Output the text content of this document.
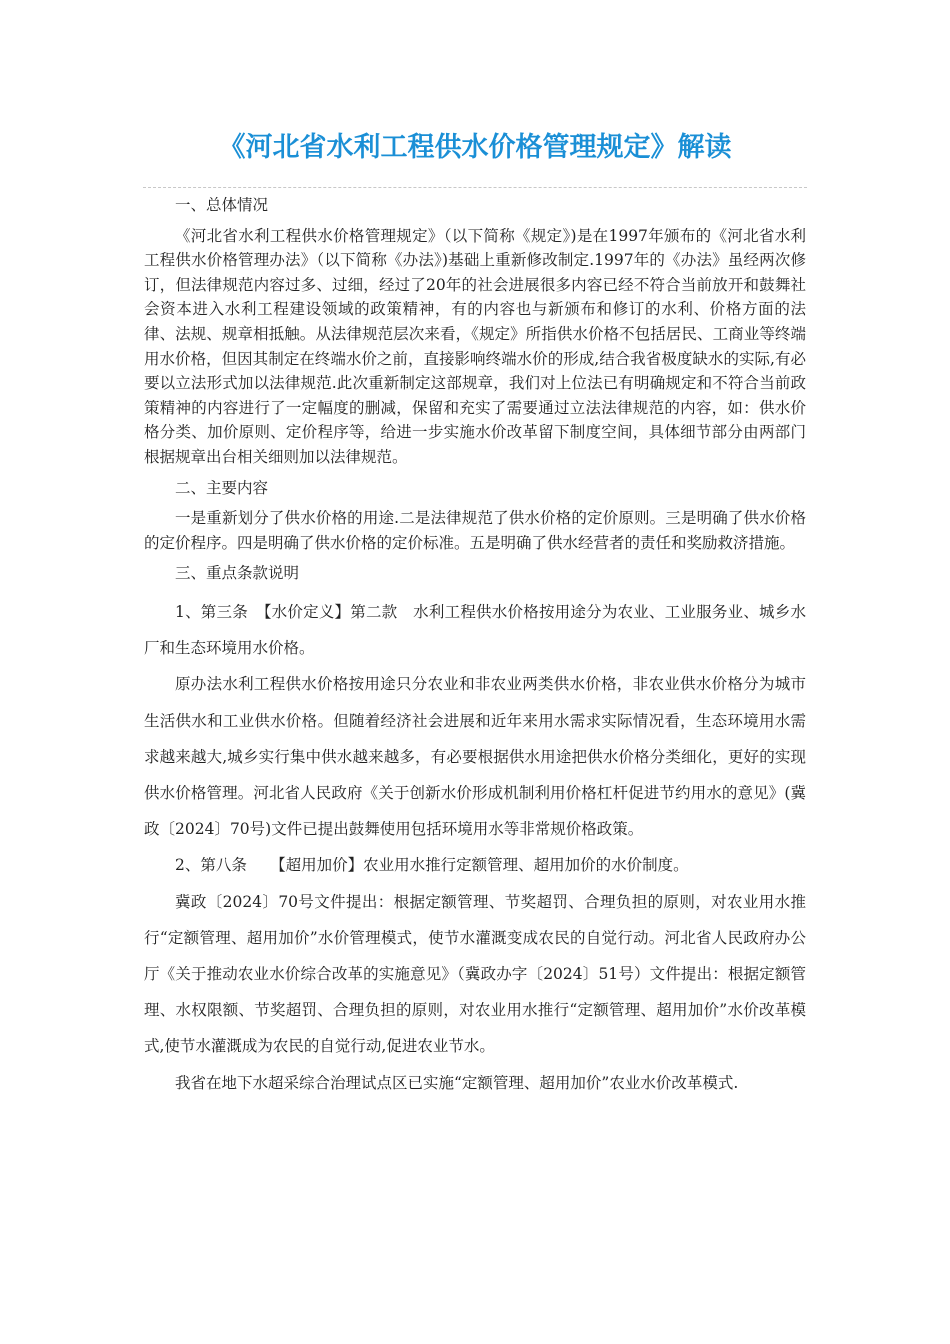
《河北省水利工程供水价格管理规定》解读

一、总体情况

《河北省水利工程供水价格管理规定》（以下简称《规定》)是在1997年颁布的《河北省水利工程供水价格管理办法》（以下简称《办法》)基础上重新修改制定.1997年的《办法》虽经两次修订，但法律规范内容过多、过细，经过了20年的社会进展很多内容已经不符合当前放开和鼓舞社会资本进入水利工程建设领域的政策精神，有的内容也与新颁布和修订的水利、价格方面的法律、法规、规章相抵触。从法律规范层次来看，《规定》所指供水价格不包括居民、工商业等终端用水价格，但因其制定在终端水价之前，直接影响终端水价的形成,结合我省极度缺水的实际,有必要以立法形式加以法律规范.此次重新制定这部规章，我们对上位法已有明确规定和不符合当前政策精神的内容进行了一定幅度的删减，保留和充实了需要通过立法法律规范的内容，如：供水价格分类、加价原则、定价程序等，给进一步实施水价改革留下制度空间，具体细节部分由两部门根据规章出台相关细则加以法律规范。

二、主要内容

一是重新划分了供水价格的用途.二是法律规范了供水价格的定价原则。三是明确了供水价格的定价程序。四是明确了供水价格的定价标准。五是明确了供水经营者的责任和奖励救济措施。

三、重点条款说明

1、第三条　【水价定义】第二款　水利工程供水价格按用途分为农业、工业服务业、城乡水厂和生态环境用水价格。

原办法水利工程供水价格按用途只分农业和非农业两类供水价格，非农业供水价格分为城市生活供水和工业供水价格。但随着经济社会进展和近年来用水需求实际情况看，生态环境用水需求越来越大,城乡实行集中供水越来越多，有必要根据供水用途把供水价格分类细化，更好的实现供水价格管理。河北省人民政府《关于创新水价形成机制利用价格杠杆促进节约用水的意见》(冀政〔2024〕70号)文件已提出鼓舞使用包括环境用水等非常规价格政策。

2、第八条　　【超用加价】农业用水推行定额管理、超用加价的水价制度。

冀政〔2024〕70号文件提出：根据定额管理、节奖超罚、合理负担的原则，对农业用水推行“定额管理、超用加价”水价管理模式，使节水灌溉变成农民的自觉行动。河北省人民政府办公厅《关于推动农业水价综合改革的实施意见》（冀政办字〔2024〕51号）文件提出：根据定额管理、水权限额、节奖超罚、合理负担的原则，对农业用水推行“定额管理、超用加价”水价改革模式,使节水灌溉成为农民的自觉行动,促进农业节水。

我省在地下水超采综合治理试点区已实施“定额管理、超用加价”农业水价改革模式.
